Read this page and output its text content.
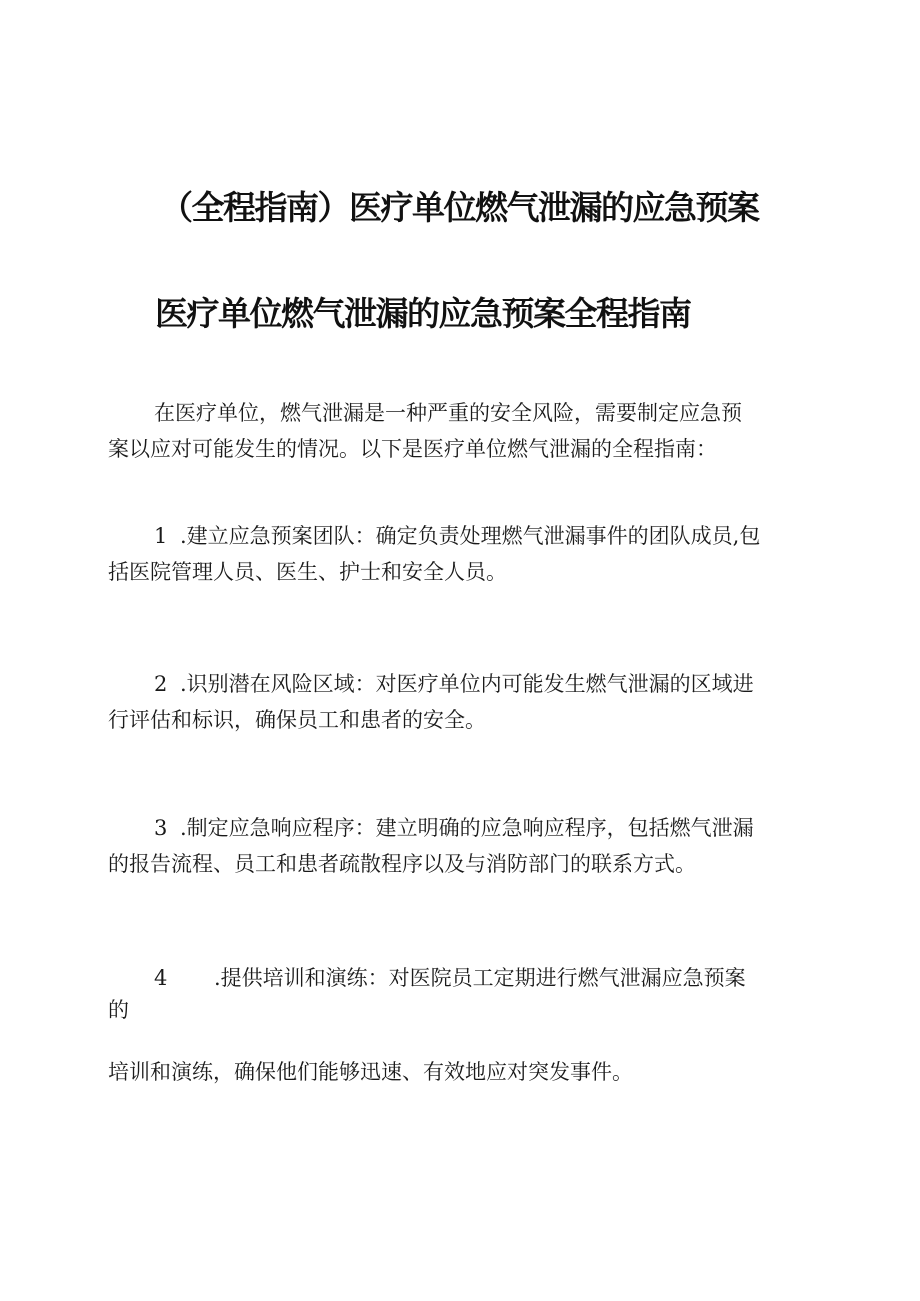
（全程指南）医疗单位燃气泄漏的应急预案
医疗单位燃气泄漏的应急预案全程指南
在医疗单位，燃气泄漏是一种严重的安全风险，需要制定应急预
案以应对可能发生的情况。以下是医疗单位燃气泄漏的全程指南：
1 .建立应急预案团队：确定负责处理燃气泄漏事件的团队成员,包
括医院管理人员、医生、护士和安全人员。
2 .识别潜在风险区域：对医疗单位内可能发生燃气泄漏的区域进
行评估和标识，确保员工和患者的安全。
3 .制定应急响应程序：建立明确的应急响应程序，包括燃气泄漏
的报告流程、员工和患者疏散程序以及与消防部门的联系方式。
4 .提供培训和演练：对医院员工定期进行燃气泄漏应急预案
的
培训和演练，确保他们能够迅速、有效地应对突发事件。
